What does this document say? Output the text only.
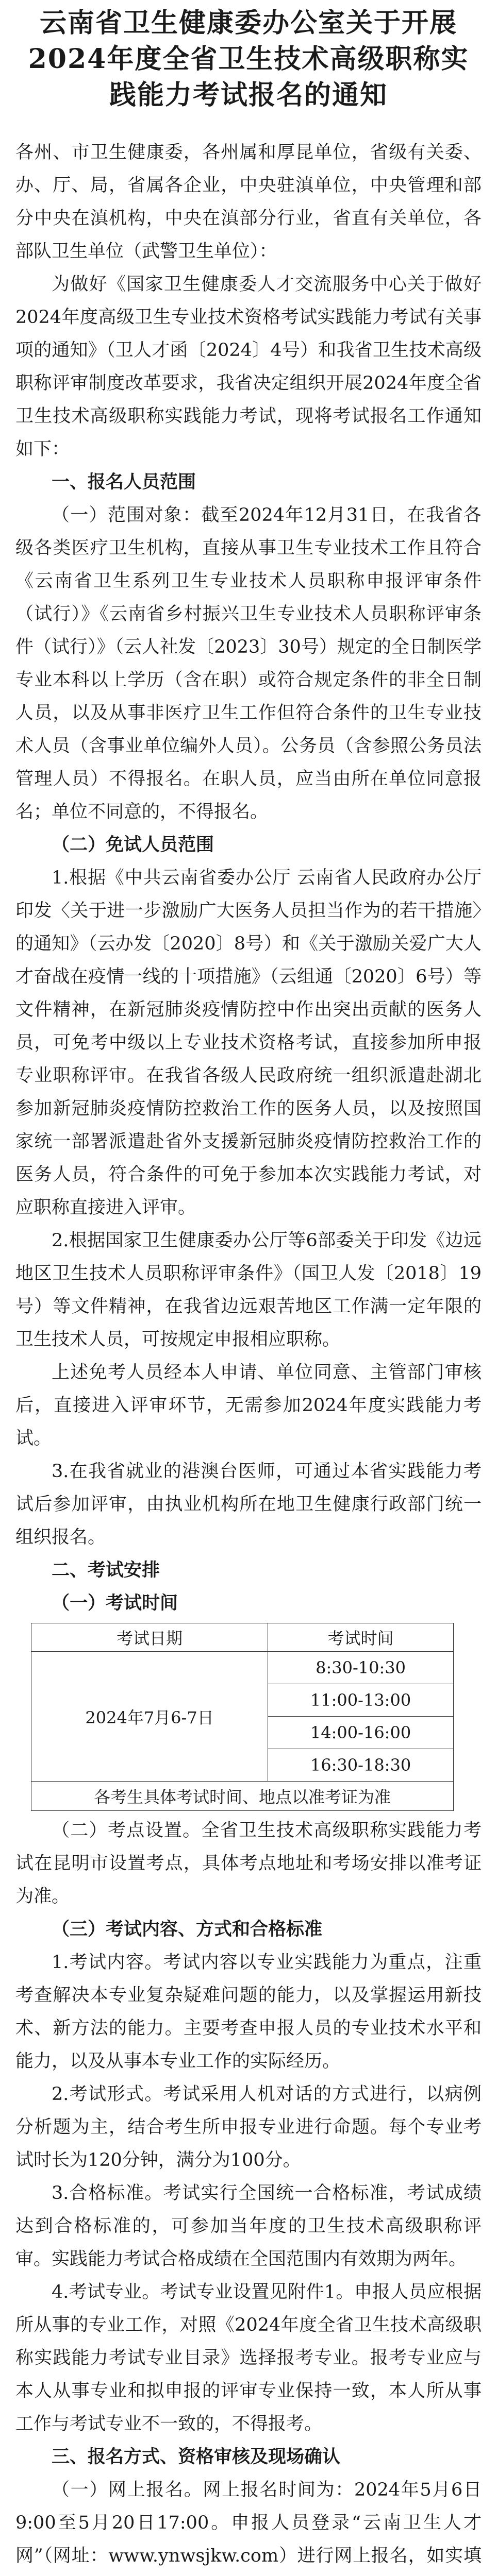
云南省卫生健康委办公室关于开展2024年度全省卫生技术高级职称实践能力考试报名的通知

各州、市卫生健康委，各州属和厚昆单位，省级有关委、办、厅、局，省属各企业，中央驻滇单位，中央管理和部分中央在滇机构，中央在滇部分行业，省直有关单位，各部队卫生单位（武警卫生单位）：

为做好《国家卫生健康委人才交流服务中心关于做好2024年度高级卫生专业技术资格考试实践能力考试有关事项的通知》（卫人才函〔2024〕4号）和我省卫生技术高级职称评审制度改革要求，我省决定组织开展2024年度全省卫生技术高级职称实践能力考试，现将考试报名工作通知如下：

一、报名人员范围

（一）范围对象：截至2024年12月31日，在我省各级各类医疗卫生机构，直接从事卫生专业技术工作且符合《云南省卫生系列卫生专业技术人员职称申报评审条件（试行）》《云南省乡村振兴卫生专业技术人员职称评审条件（试行）》（云人社发〔2023〕30号）规定的全日制医学专业本科以上学历（含在职）或符合规定条件的非全日制人员，以及从事非医疗卫生工作但符合条件的卫生专业技术人员（含事业单位编外人员）。公务员（含参照公务员法管理人员）不得报名。在职人员，应当由所在单位同意报名；单位不同意的，不得报名。

（二）免试人员范围

1.根据《中共云南省委办公厅 云南省人民政府办公厅印发〈关于进一步激励广大医务人员担当作为的若干措施〉的通知》（云办发〔2020〕8号）和《关于激励关爱广大人才奋战在疫情一线的十项措施》（云组通〔2020〕6号）等文件精神，在新冠肺炎疫情防控中作出突出贡献的医务人员，可免考中级以上专业技术资格考试，直接参加所申报专业职称评审。在我省各级人民政府统一组织派遣赴湖北参加新冠肺炎疫情防控救治工作的医务人员，以及按照国家统一部署派遣赴省外支援新冠肺炎疫情防控救治工作的医务人员，符合条件的可免于参加本次实践能力考试，对应职称直接进入评审。

2.根据国家卫生健康委办公厅等6部委关于印发《边远地区卫生技术人员职称评审条件》（国卫人发〔2018〕19号）等文件精神，在我省边远艰苦地区工作满一定年限的卫生技术人员，可按规定申报相应职称。

上述免考人员经本人申请、单位同意、主管部门审核后，直接进入评审环节，无需参加2024年度实践能力考试。

3.在我省就业的港澳台医师，可通过本省实践能力考试后参加评审，由执业机构所在地卫生健康行政部门统一组织报名。

二、考试安排

（一）考试时间

考试日期	考试时间
2024年7月6-7日	8:30-10:30
	11:00-13:00
	14:00-16:00
	16:30-18:30
各考生具体考试时间、地点以准考证为准	

（二）考点设置。全省卫生技术高级职称实践能力考试在昆明市设置考点，具体考点地址和考场安排以准考证为准。

（三）考试内容、方式和合格标准

1.考试内容。考试内容以专业实践能力为重点，注重考查解决本专业复杂疑难问题的能力，以及掌握运用新技术、新方法的能力。主要考查申报人员的专业技术水平和能力，以及从事本专业工作的实际经历。

2.考试形式。考试采用人机对话的方式进行，以病例分析题为主，结合考生所申报专业进行命题。每个专业考试时长为120分钟，满分为100分。

3.合格标准。考试实行全国统一合格标准，考试成绩达到合格标准的，可参加当年度的卫生技术高级职称评审。实践能力考试合格成绩在全国范围内有效期为两年。

4.考试专业。考试专业设置见附件1。申报人员应根据所从事的专业工作，对照《2024年度全省卫生技术高级职称实践能力考试专业目录》选择报考专业。报考专业应与本人从事专业和拟申报的评审专业保持一致，本人所从事工作与考试专业不一致的，不得报考。

三、报名方式、资格审核及现场确认

（一）网上报名。网上报名时间为：2024年5月6日9:00至5月20日17:00。申报人员登录“云南卫生人才网”（网址：www.ynwsjkw.com）进行网上报名，如实填
